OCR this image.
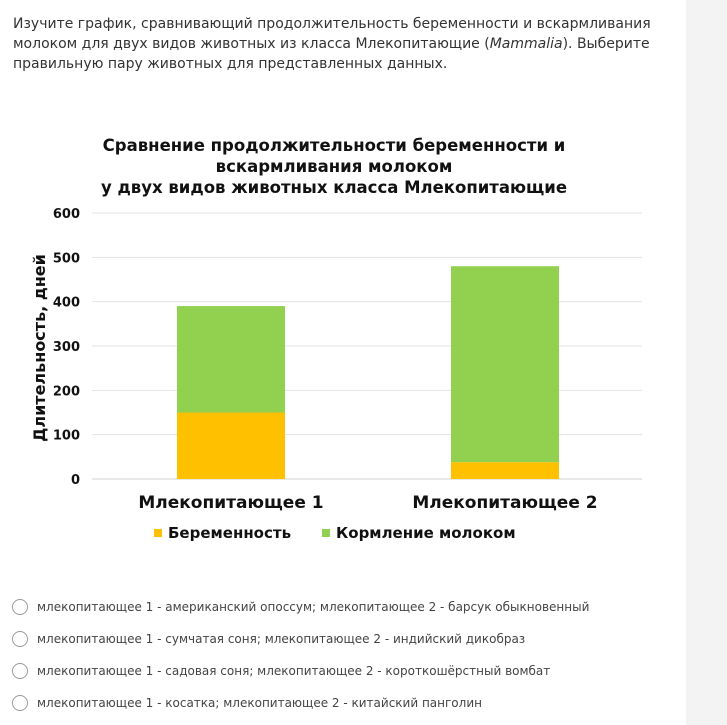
Изучите график, сравнивающий продолжительность беременности и вскармливания молоком для двух видов животных из класса Млекопитающие (Mammalia). Выберите правильную пару животных для представленных данных.
Сравнение продолжительности беременности и
вскармливания молоком
у двух видов животных класса Млекопитающие
0
100
200
300
400
500
600
Млекопитающее 1	Млекопитающее 2
Длительность, дней
Беременность	Кормление молоком
млекопитающее 1 - американский опоссум; млекопитающее 2 - барсук обыкновенный
млекопитающее 1 - сумчатая соня; млекопитающее 2 - индийский дикобраз
млекопитающее 1 - садовая соня; млекопитающее 2 - короткошёрстный вомбат
млекопитающее 1 - косатка; млекопитающее 2 - китайский панголин
